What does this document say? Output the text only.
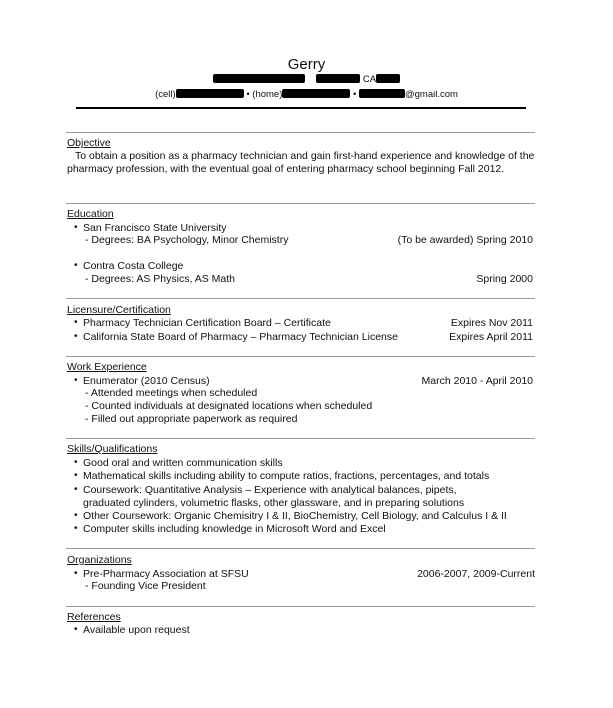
Gerry
CA
(cell)	• (home)	•	@gmail.com
Objective
To obtain a position as a pharmacy technician and gain first-hand experience and knowledge of the pharmacy profession, with the eventual goal of entering pharmacy school beginning Fall 2012.
Education
• San Francisco State University
- Degrees: BA Psychology, Minor Chemistry	(To be awarded) Spring 2010
• Contra Costa College
- Degrees: AS Physics, AS Math	Spring 2000
Licensure/Certification
• Pharmacy Technician Certification Board – Certificate	Expires Nov 2011
• California State Board of Pharmacy – Pharmacy Technician License	Expires April 2011
Work Experience
• Enumerator (2010 Census)	March 2010 - April 2010
- Attended meetings when scheduled
- Counted individuals at designated locations when scheduled
- Filled out appropriate paperwork as required
Skills/Qualifications
• Good oral and written communication skills
• Mathematical skills including ability to compute ratios, fractions, percentages, and totals
• Coursework: Quantitative Analysis – Experience with analytical balances, pipets,
graduated cylinders, volumetric flasks, other glassware, and in preparing solutions
• Other Coursework: Organic Chemisitry I & II, BioChemistry, Cell Biology, and Calculus I & II
• Computer skills including knowledge in Microsoft Word and Excel
Organizations
• Pre-Pharmacy Association at SFSU	2006-2007, 2009-Current
- Founding Vice President
References
• Available upon request
